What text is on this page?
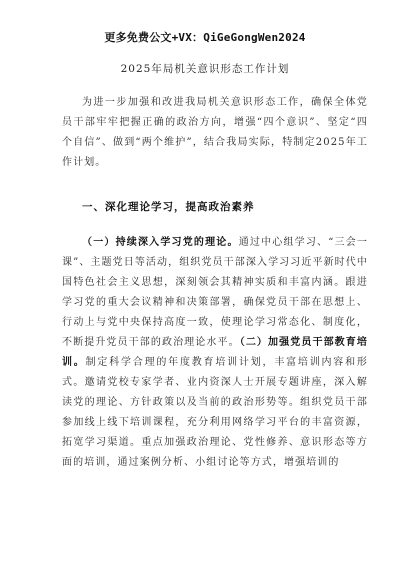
更多免费公文+VX：QiGeGongWen2024
2025年局机关意识形态工作计划
为进一步加强和改进我局机关意识形态工作，确保全体党员干部牢牢把握正确的政治方向，增强“四个意识”、坚定“四个自信”、做到“两个维护”，结合我局实际，特制定2025年工作计划。
一、深化理论学习，提高政治素养
（一）持续深入学习党的理论。通过中心组学习、“三会一课”、主题党日等活动，组织党员干部深入学习习近平新时代中国特色社会主义思想，深刻领会其精神实质和丰富内涵。跟进学习党的重大会议精神和决策部署，确保党员干部在思想上、行动上与党中央保持高度一致，使理论学习常态化、制度化，不断提升党员干部的政治理论水平。（二）加强党员干部教育培训。制定科学合理的年度教育培训计划，丰富培训内容和形式。邀请党校专家学者、业内资深人士开展专题讲座，深入解读党的理论、方针政策以及当前的政治形势等。组织党员干部参加线上线下培训课程，充分利用网络学习平台的丰富资源，拓宽学习渠道。重点加强政治理论、党性修养、意识形态等方面的培训，通过案例分析、小组讨论等方式，增强培训的
